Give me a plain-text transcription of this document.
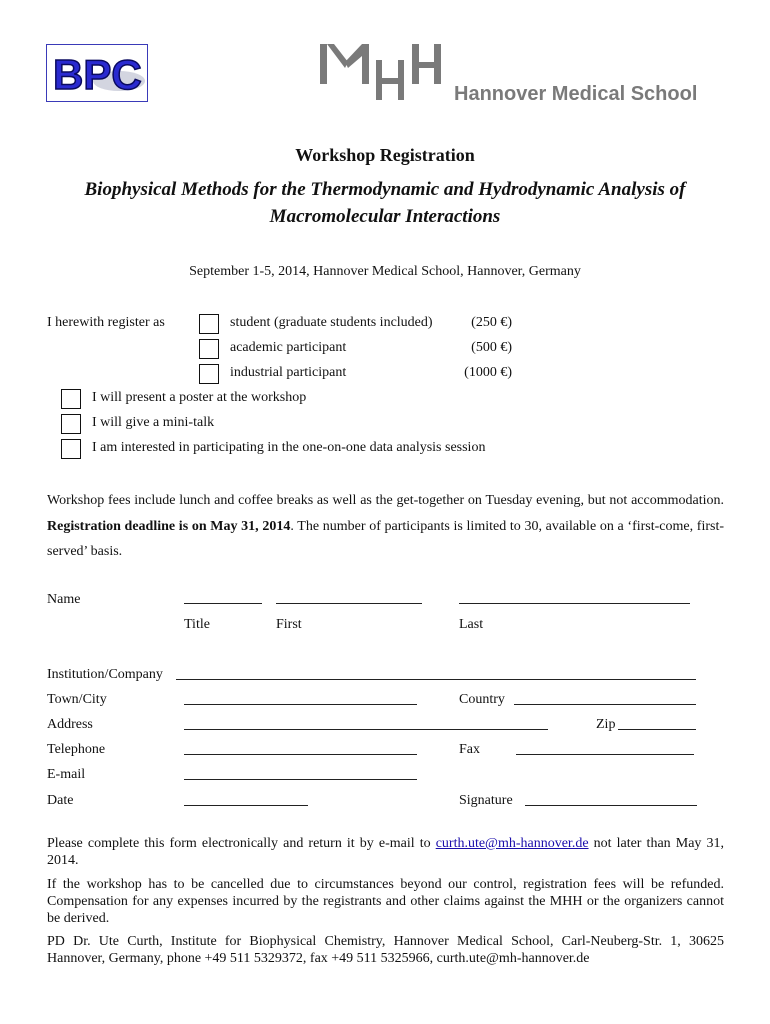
BPC	Hannover Medical School
Workshop Registration
Biophysical Methods for the Thermodynamic and Hydrodynamic Analysis of
Macromolecular Interactions
September 1-5, 2014, Hannover Medical School, Hannover, Germany
I herewith register as	student (graduate students included)	(250 €)
academic participant	(500 €)
industrial participant	(1000 €)
I will present a poster at the workshop
I will give a mini-talk
I am interested in participating in the one-on-one data analysis session
Workshop fees include lunch and coffee breaks as well as the get-together on Tuesday evening, but not accommodation. Registration deadline is on May 31, 2014. The number of participants is limited to 30, available on a ‘first-come, first-served’ basis.
Name
Title	First	Last
Institution/Company
Town/City	Country
Address	Zip
Telephone	Fax
E-mail
Date	Signature
Please complete this form electronically and return it by e-mail to curth.ute@mh-hannover.de not later than May 31, 2014.
If the workshop has to be cancelled due to circumstances beyond our control, registration fees will be refunded. Compensation for any expenses incurred by the registrants and other claims against the MHH or the organizers cannot be derived.
PD Dr. Ute Curth, Institute for Biophysical Chemistry, Hannover Medical School, Carl-Neuberg-Str. 1, 30625 Hannover, Germany, phone +49 511 5329372, fax +49 511 5325966, curth.ute@mh-hannover.de
